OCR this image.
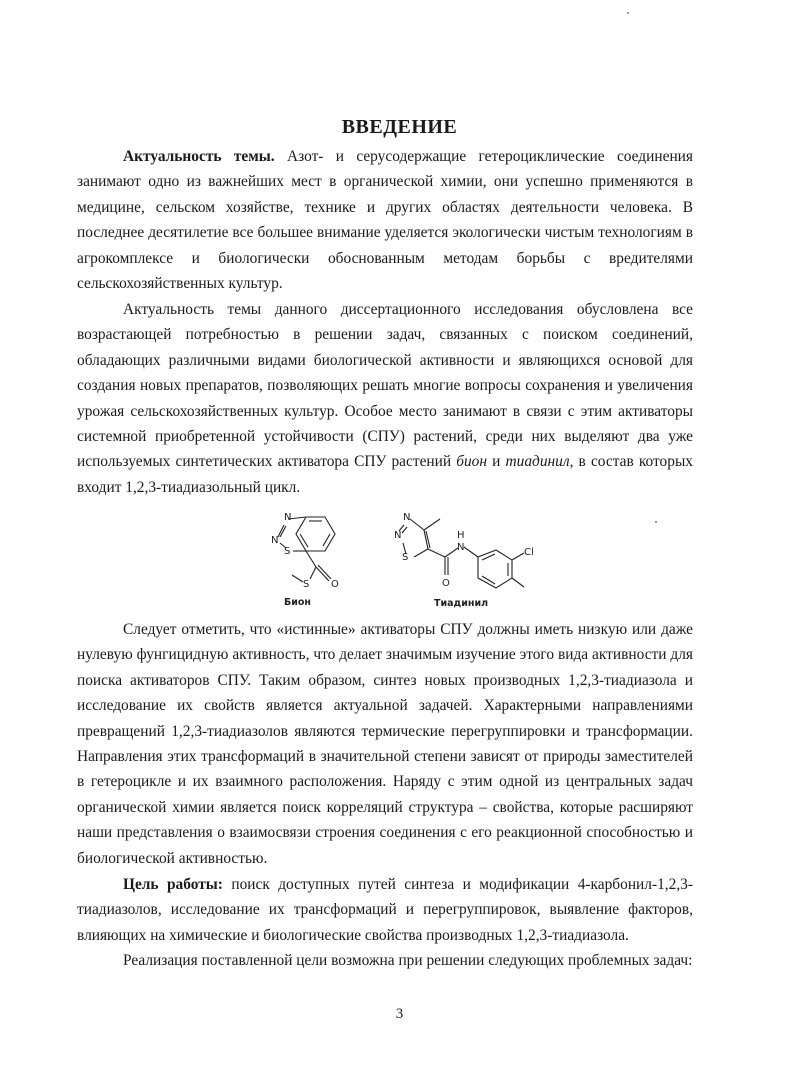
ВВЕДЕНИЕ
Актуальность темы. Азот- и серусодержащие гетероциклические соединения занимают одно из важнейших мест в органической химии, они успешно применяются в медицине, сельском хозяйстве, технике и других областях деятельности человека. В последнее десятилетие все большее внимание уделяется экологически чистым технологиям в агрокомплексе и биологически обоснованным методам борьбы с вредителями сельскохозяйственных культур.
Актуальность темы данного диссертационного исследования обусловлена все возрастающей потребностью в решении задач, связанных с поиском соединений, обладающих различными видами биологической активности и являющихся основой для создания новых препаратов, позволяющих решать многие вопросы сохранения и увеличения урожая сельскохозяйственных культур. Особое место занимают в связи с этим активаторы системной приобретенной устойчивости (СПУ) растений, среди них выделяют два уже используемых синтетических активатора СПУ растений бион и тиадинил, в состав которых входит 1,2,3-тиадиазольный цикл.
N
N
S
S O
N
N
S
O
H
N	Cl
Бион	Тиадинил
Следует отметить, что «истинные» активаторы СПУ должны иметь низкую или даже нулевую фунгицидную активность, что делает значимым изучение этого вида активности для поиска активаторов СПУ. Таким образом, синтез новых производных 1,2,3-тиадиазола и исследование их свойств является актуальной задачей. Характерными направлениями превращений 1,2,3-тиадиазолов являются термические перегруппировки и трансформации. Направления этих трансформаций в значительной степени зависят от природы заместителей в гетероцикле и их взаимного расположения. Наряду с этим одной из центральных задач органической химии является поиск корреляций структура – свойства, которые расширяют наши представления о взаимосвязи строения соединения с его реакционной способностью и биологической активностью.
Цель работы: поиск доступных путей синтеза и модификации 4-карбонил-1,2,3-тиадиазолов, исследование их трансформаций и перегруппировок, выявление факторов, влияющих на химические и биологические свойства производных 1,2,3-тиадиазола.
Реализация поставленной цели возможна при решении следующих проблемных задач:
3
